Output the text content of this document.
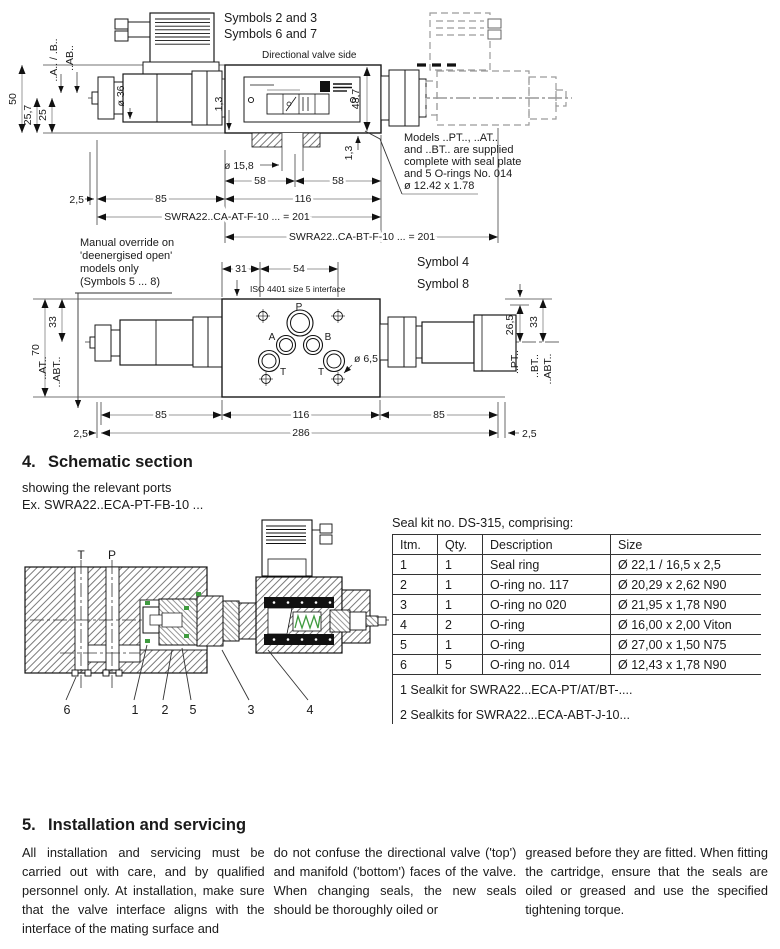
Symbols 2 and 3
Symbols 6 and 7
Directional valve side
50
25,7 25
..A.. / .B.. ..AB..
ø 36	1,3
1,3
48,7
ø 15,8
58	58
85	116
2,5
SWRA22..CA-AT-F-10 ... = 201
SWRA22..CA-BT-F-10 ... = 201
Models ..PT.., ..AT..
and ..BT.. are supplied
complete with seal plate
and 5 O-rings No. 014
ø 12.42 x 1.78
Manual override on
'deenergised open'
models only
(Symbols 5 ... 8)
Symbol 4
Symbol 8
31	54
ISO 4401 size 5 interface
P
A	B
T	T
ø 6,5
70
33
..AT.. ..ABT..
26,5 33
..PT.. ..BT.. ..ABT..
85	116	85
286
2,5	2,5
4. Schematic section
showing the relevant ports
Ex. SWRA22..ECA-PT-FB-10 ...
T P
6	1 2 5	3	4
Seal kit no. DS-315, comprising:
Itm.	Qty.	Description	Size
1	1	Seal ring	Ø 22,1 / 16,5 x 2,5
2	1	O-ring no. 117	Ø 20,29 x 2,62 N90
3	1	O-ring no 020	Ø 21,95 x 1,78 N90
4	2	O-ring	Ø 16,00 x 2,00 Viton
5	1	O-ring	Ø 27,00 x 1,50 N75
6	5	O-ring no. 014	Ø 12,43 x 1,78 N90
1 Sealkit for SWRA22...ECA-PT/AT/BT-....			
2 Sealkits for SWRA22...ECA-ABT-J-10...			
5. Installation and servicing
All installation and servicing must be carried out with care, and by qualified personnel only. At installation, make sure that the valve interface aligns with the interface of the mating surface and
do not confuse the directional valve ('top') and manifold ('bottom') faces of the valve. When changing seals, the new seals should be thoroughly oiled or
greased before they are fitted. When fitting the cartridge, ensure that the seals are oiled or greased and use the specified tightening torque.
